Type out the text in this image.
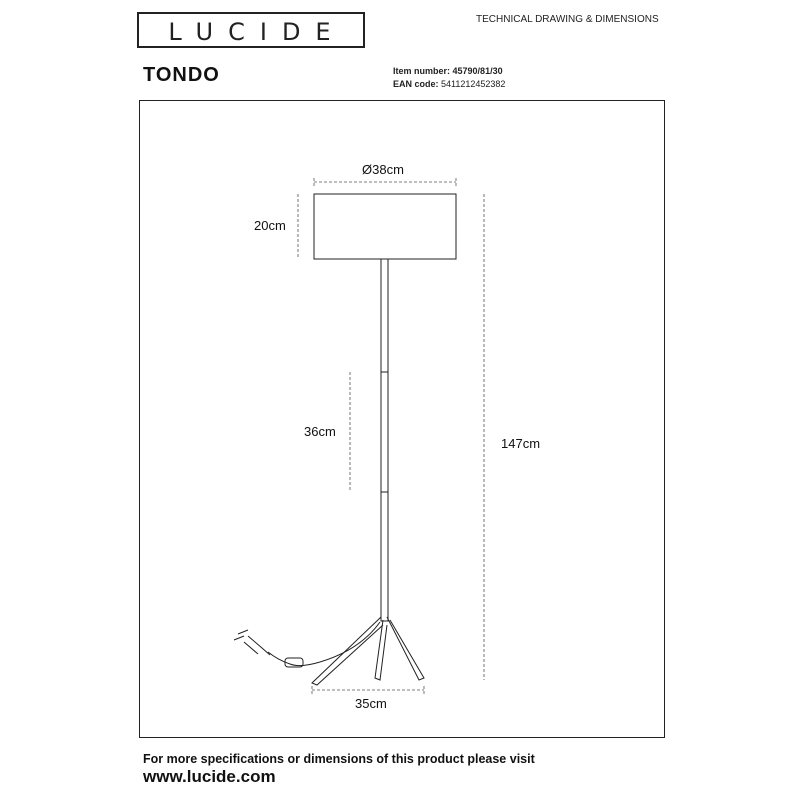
LUCIDE	TECHNICAL DRAWING & DIMENSIONS
TONDO	Item number: 45790/81/30
EAN code: 5411212452382
Ø38cm
20cm
36cm
147cm
35cm
For more specifications or dimensions of this product please visit
www.lucide.com
